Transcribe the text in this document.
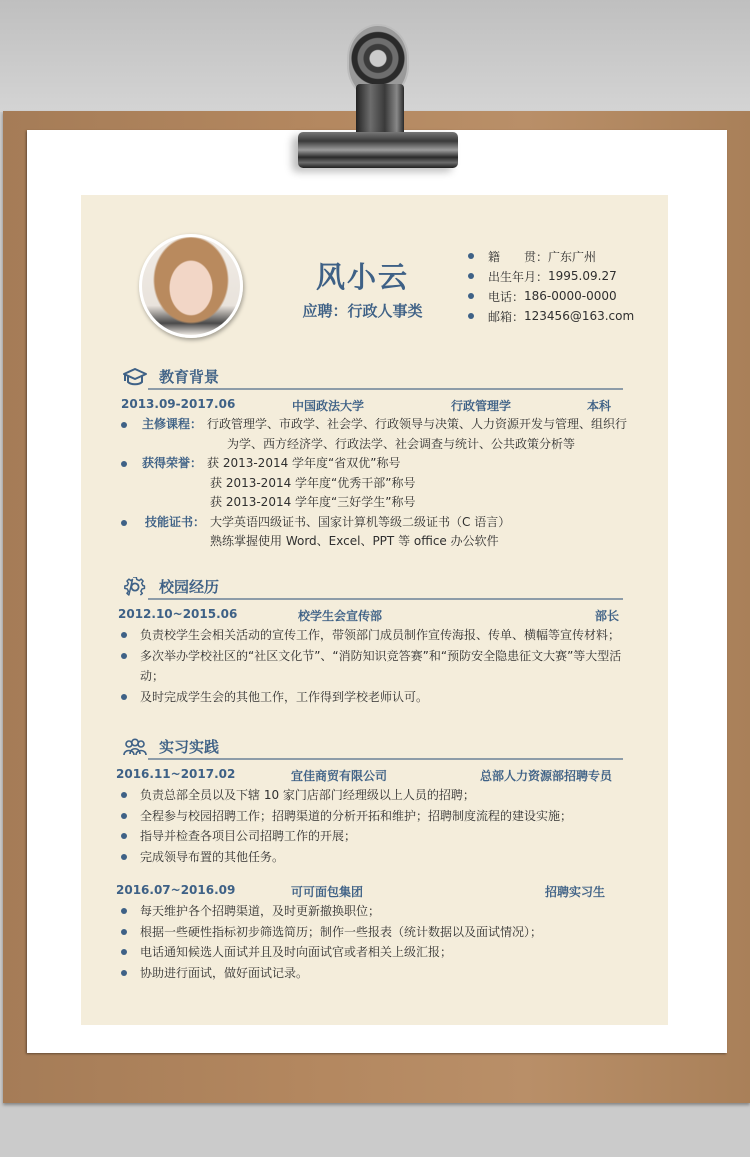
风小云
应聘：行政人事类
籍　　贯： 广东广州
出生年月： 1995.09.27
电话： 186-0000-0000
邮箱： 123456@163.com
教育背景
2013.09-2017.06	中国政法大学	行政管理学	本科
主修课程： 行政管理学、市政学、社会学、行政领导与决策、人力资源开发与管理、组织行
为学、西方经济学、行政法学、社会调查与统计、公共政策分析等
获得荣誉： 获 2013-2014 学年度“省双优”称号
获 2013-2014 学年度“优秀干部”称号
获 2013-2014 学年度“三好学生”称号
技能证书： 大学英语四级证书、国家计算机等级二级证书（C 语言）
熟练掌握使用 Word、Excel、PPT 等 office 办公软件
校园经历
2012.10~2015.06	校学生会宣传部	部长
负责校学生会相关活动的宣传工作，带领部门成员制作宣传海报、传单、横幅等宣传材料；
多次举办学校社区的“社区文化节”、“消防知识竞答赛”和“预防安全隐患征文大赛”等大型活动；
及时完成学生会的其他工作，工作得到学校老师认可。
实习实践
2016.11~2017.02	宜佳商贸有限公司	总部人力资源部招聘专员
负责总部全员以及下辖 10 家门店部门经理级以上人员的招聘；
全程参与校园招聘工作；招聘渠道的分析开拓和维护；招聘制度流程的建设实施；
指导并检查各项目公司招聘工作的开展；
完成领导布置的其他任务。
2016.07~2016.09	可可面包集团	招聘实习生
每天维护各个招聘渠道，及时更新撤换职位；
根据一些硬性指标初步筛选简历；制作一些报表（统计数据以及面试情况）；
电话通知候选人面试并且及时向面试官或者相关上级汇报；
协助进行面试，做好面试记录。
